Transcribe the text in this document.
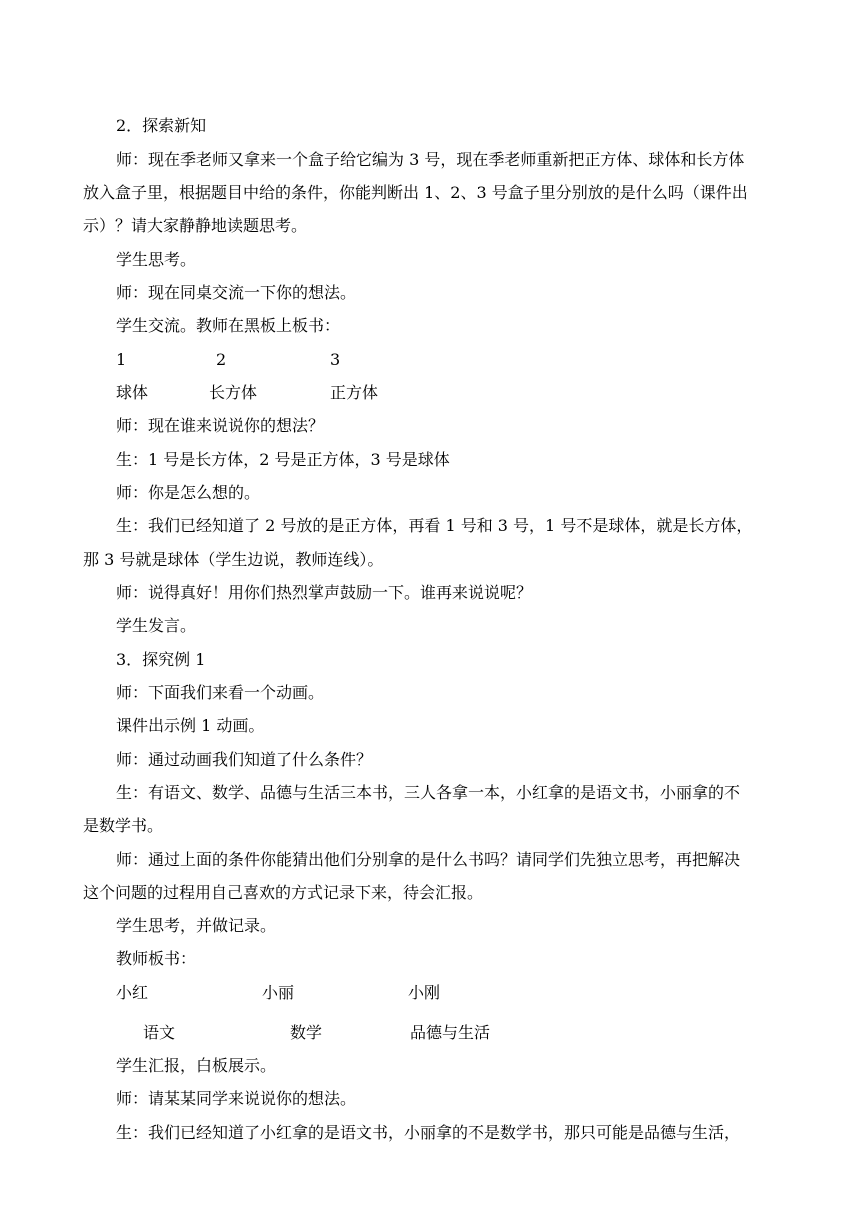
2．探索新知
师：现在季老师又拿来一个盒子给它编为 3 号，现在季老师重新把正方体、球体和长方体
放入盒子里，根据题目中给的条件，你能判断出 1、2、3 号盒子里分别放的是什么吗（课件出
示）？请大家静静地读题思考。
学生思考。
师：现在同桌交流一下你的想法。
学生交流。教师在黑板上板书：
1	2	3
球体	长方体	正方体
师：现在谁来说说你的想法？
生：1 号是长方体，2 号是正方体，3 号是球体
师：你是怎么想的。
生：我们已经知道了 2 号放的是正方体，再看 1 号和 3 号，1 号不是球体，就是长方体，
那 3 号就是球体（学生边说，教师连线）。
师：说得真好！用你们热烈掌声鼓励一下。谁再来说说呢？
学生发言。
3．探究例 1
师：下面我们来看一个动画。
课件出示例 1 动画。
师：通过动画我们知道了什么条件？
生：有语文、数学、品德与生活三本书，三人各拿一本，小红拿的是语文书，小丽拿的不
是数学书。
师：通过上面的条件你能猜出他们分别拿的是什么书吗？请同学们先独立思考，再把解决
这个问题的过程用自己喜欢的方式记录下来，待会汇报。
学生思考，并做记录。
教师板书：
小红	小丽	小刚
语文	数学	品德与生活
学生汇报，白板展示。
师：请某某同学来说说你的想法。
生：我们已经知道了小红拿的是语文书，小丽拿的不是数学书，那只可能是品德与生活，
